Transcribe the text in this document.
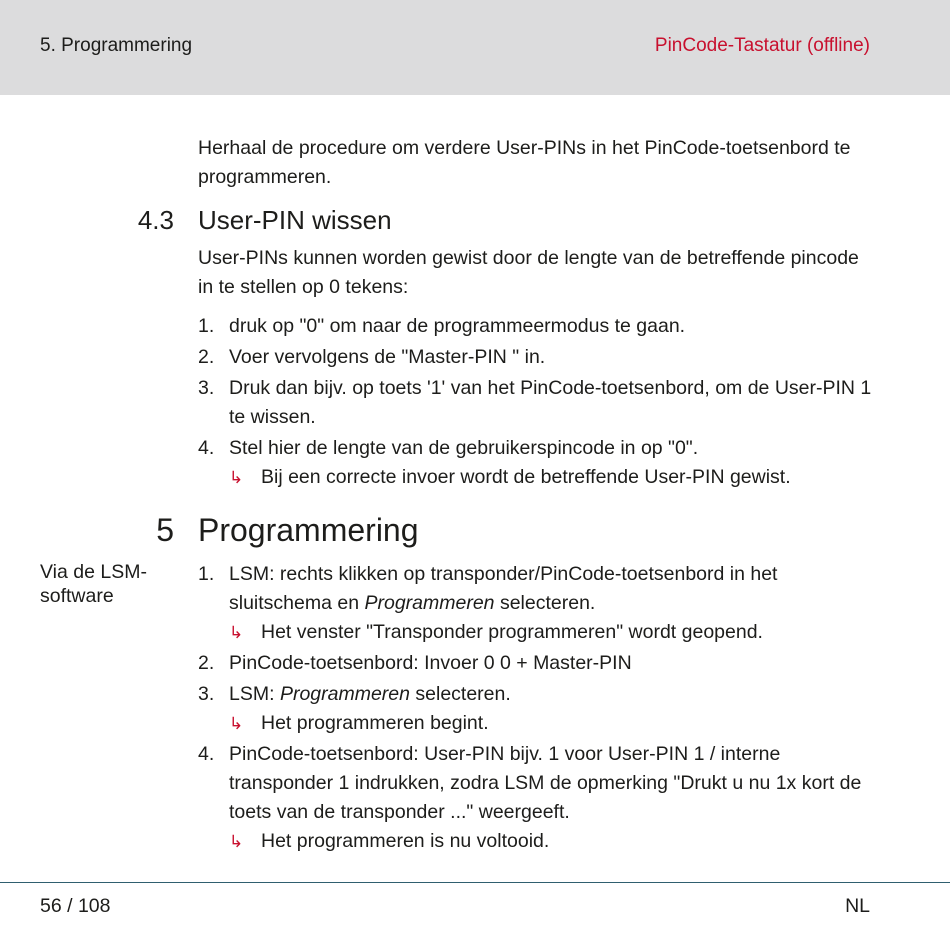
5. Programmering	PinCode-Tastatur (offline)
Herhaal de procedure om verdere User-PINs in het PinCode-toetsenbord te programmeren.
4.3 User-PIN wissen
User-PINs kunnen worden gewist door de lengte van de betreffende pincode in te stellen op 0 tekens:
1. druk op "0" om naar de programmeermodus te gaan.
2. Voer vervolgens de "Master-PIN " in.
3. Druk dan bijv. op toets '1' van het PinCode-toetsenbord, om de User-PIN 1 te wissen.
4. Stel hier de lengte van de gebruikerspincode in op "0".
↳ Bij een correcte invoer wordt de betreffende User-PIN gewist.
5 Programmering
Via de LSM-software
1. LSM: rechts klikken op transponder/PinCode-toetsenbord in het sluitschema en Programmeren selecteren.
↳ Het venster "Transponder programmeren" wordt geopend.
2. PinCode-toetsenbord: Invoer 0 0 + Master-PIN
3. LSM: Programmeren selecteren.
↳ Het programmeren begint.
4. PinCode-toetsenbord: User-PIN bijv. 1 voor User-PIN 1 / interne transponder 1 indrukken, zodra LSM de opmerking "Drukt u nu 1x kort de toets van de transponder ..." weergeeft.
↳ Het programmeren is nu voltooid.
56 / 108	NL
